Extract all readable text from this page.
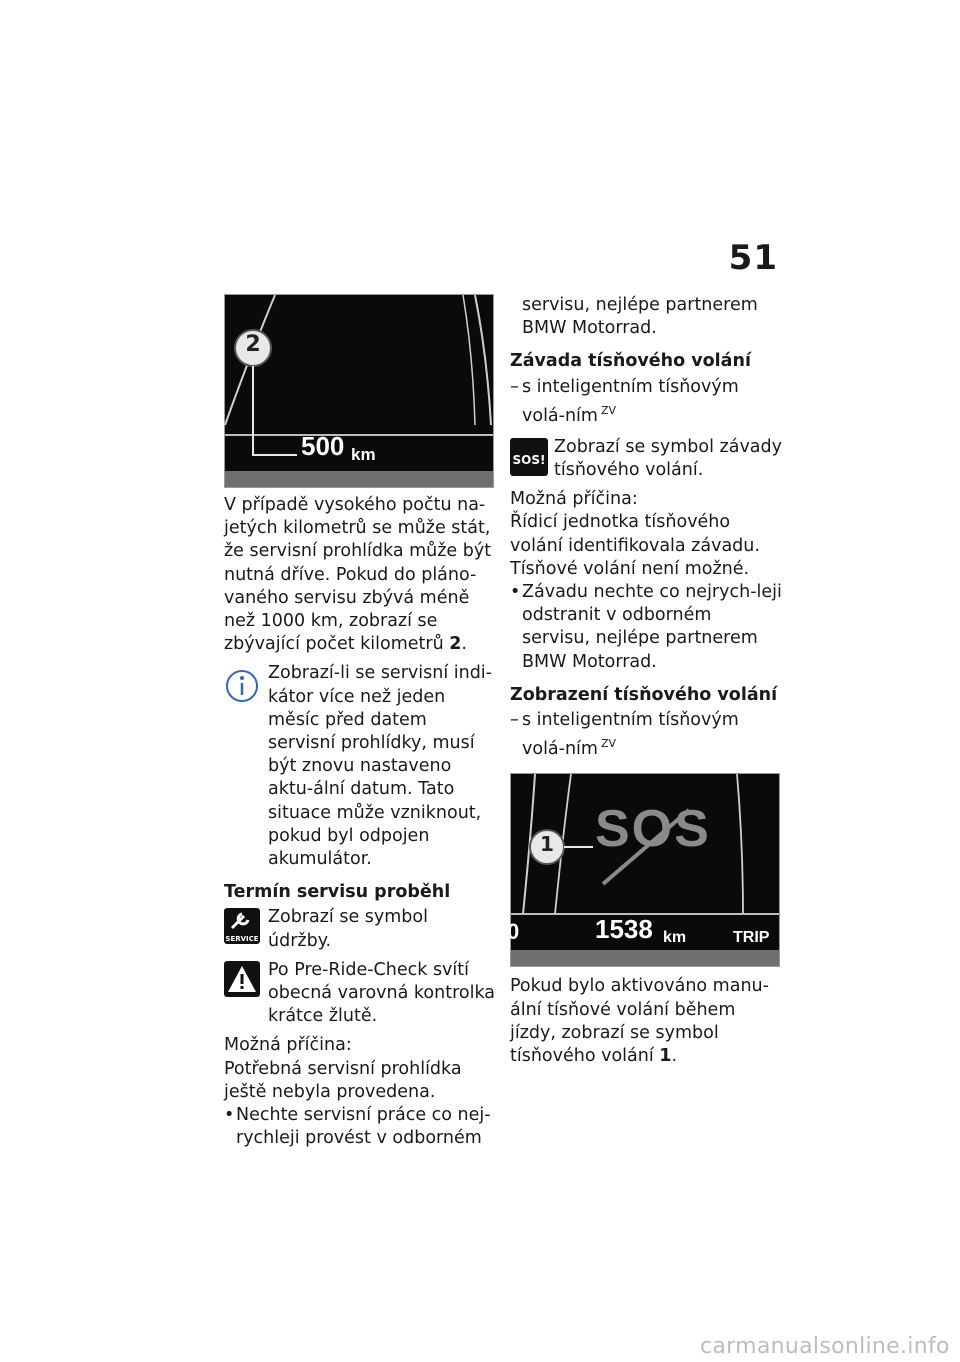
51
2
500 km

V případě vysokého počtu na-jetých kilometrů se může stát, že servisní prohlídka může být nutná dříve. Pokud do pláno-vaného servisu zbývá méně než 1000 km, zobrazí se zbývající počet kilometrů 2.

Zobrazí-li se servisní indi-kátor více než jeden měsíc před datem servisní prohlídky, musí být znovu nastaveno aktu-ální datum. Tato situace může vzniknout, pokud byl odpojen akumulátor.

Termín servisu proběhl
SERVICE

Zobrazí se symbol údržby.

Po Pre-Ride-Check svítí obecná varovná kontrolka krátce žlutě.

Možná příčina:

Potřebná servisní prohlídka ještě nebyla provedena.

• Nechte servisní práce co nej-rychleji provést v odborném

servisu, nejlépe partnerem BMW Motorrad.

Závada tísňového volání
– s inteligentním tísňovým volá-ním $^{ZV}$
SOS!

Zobrazí se symbol závady tísňového volání.

Možná příčina:

Řídicí jednotka tísňového volání identifikovala závadu. Tísňové volání není možné.

• Závadu nechte co nejrych-leji odstranit v odborném servisu, nejlépe partnerem BMW Motorrad.
Zobrazení tísňového volání
– s inteligentním tísňovým volá-ním $^{ZV}$
1 SOS
0	1538 km	TRIP

Pokud bylo aktivováno manu-ální tísňové volání během jízdy, zobrazí se symbol tísňového volání 1.

carmanualsonline.info
